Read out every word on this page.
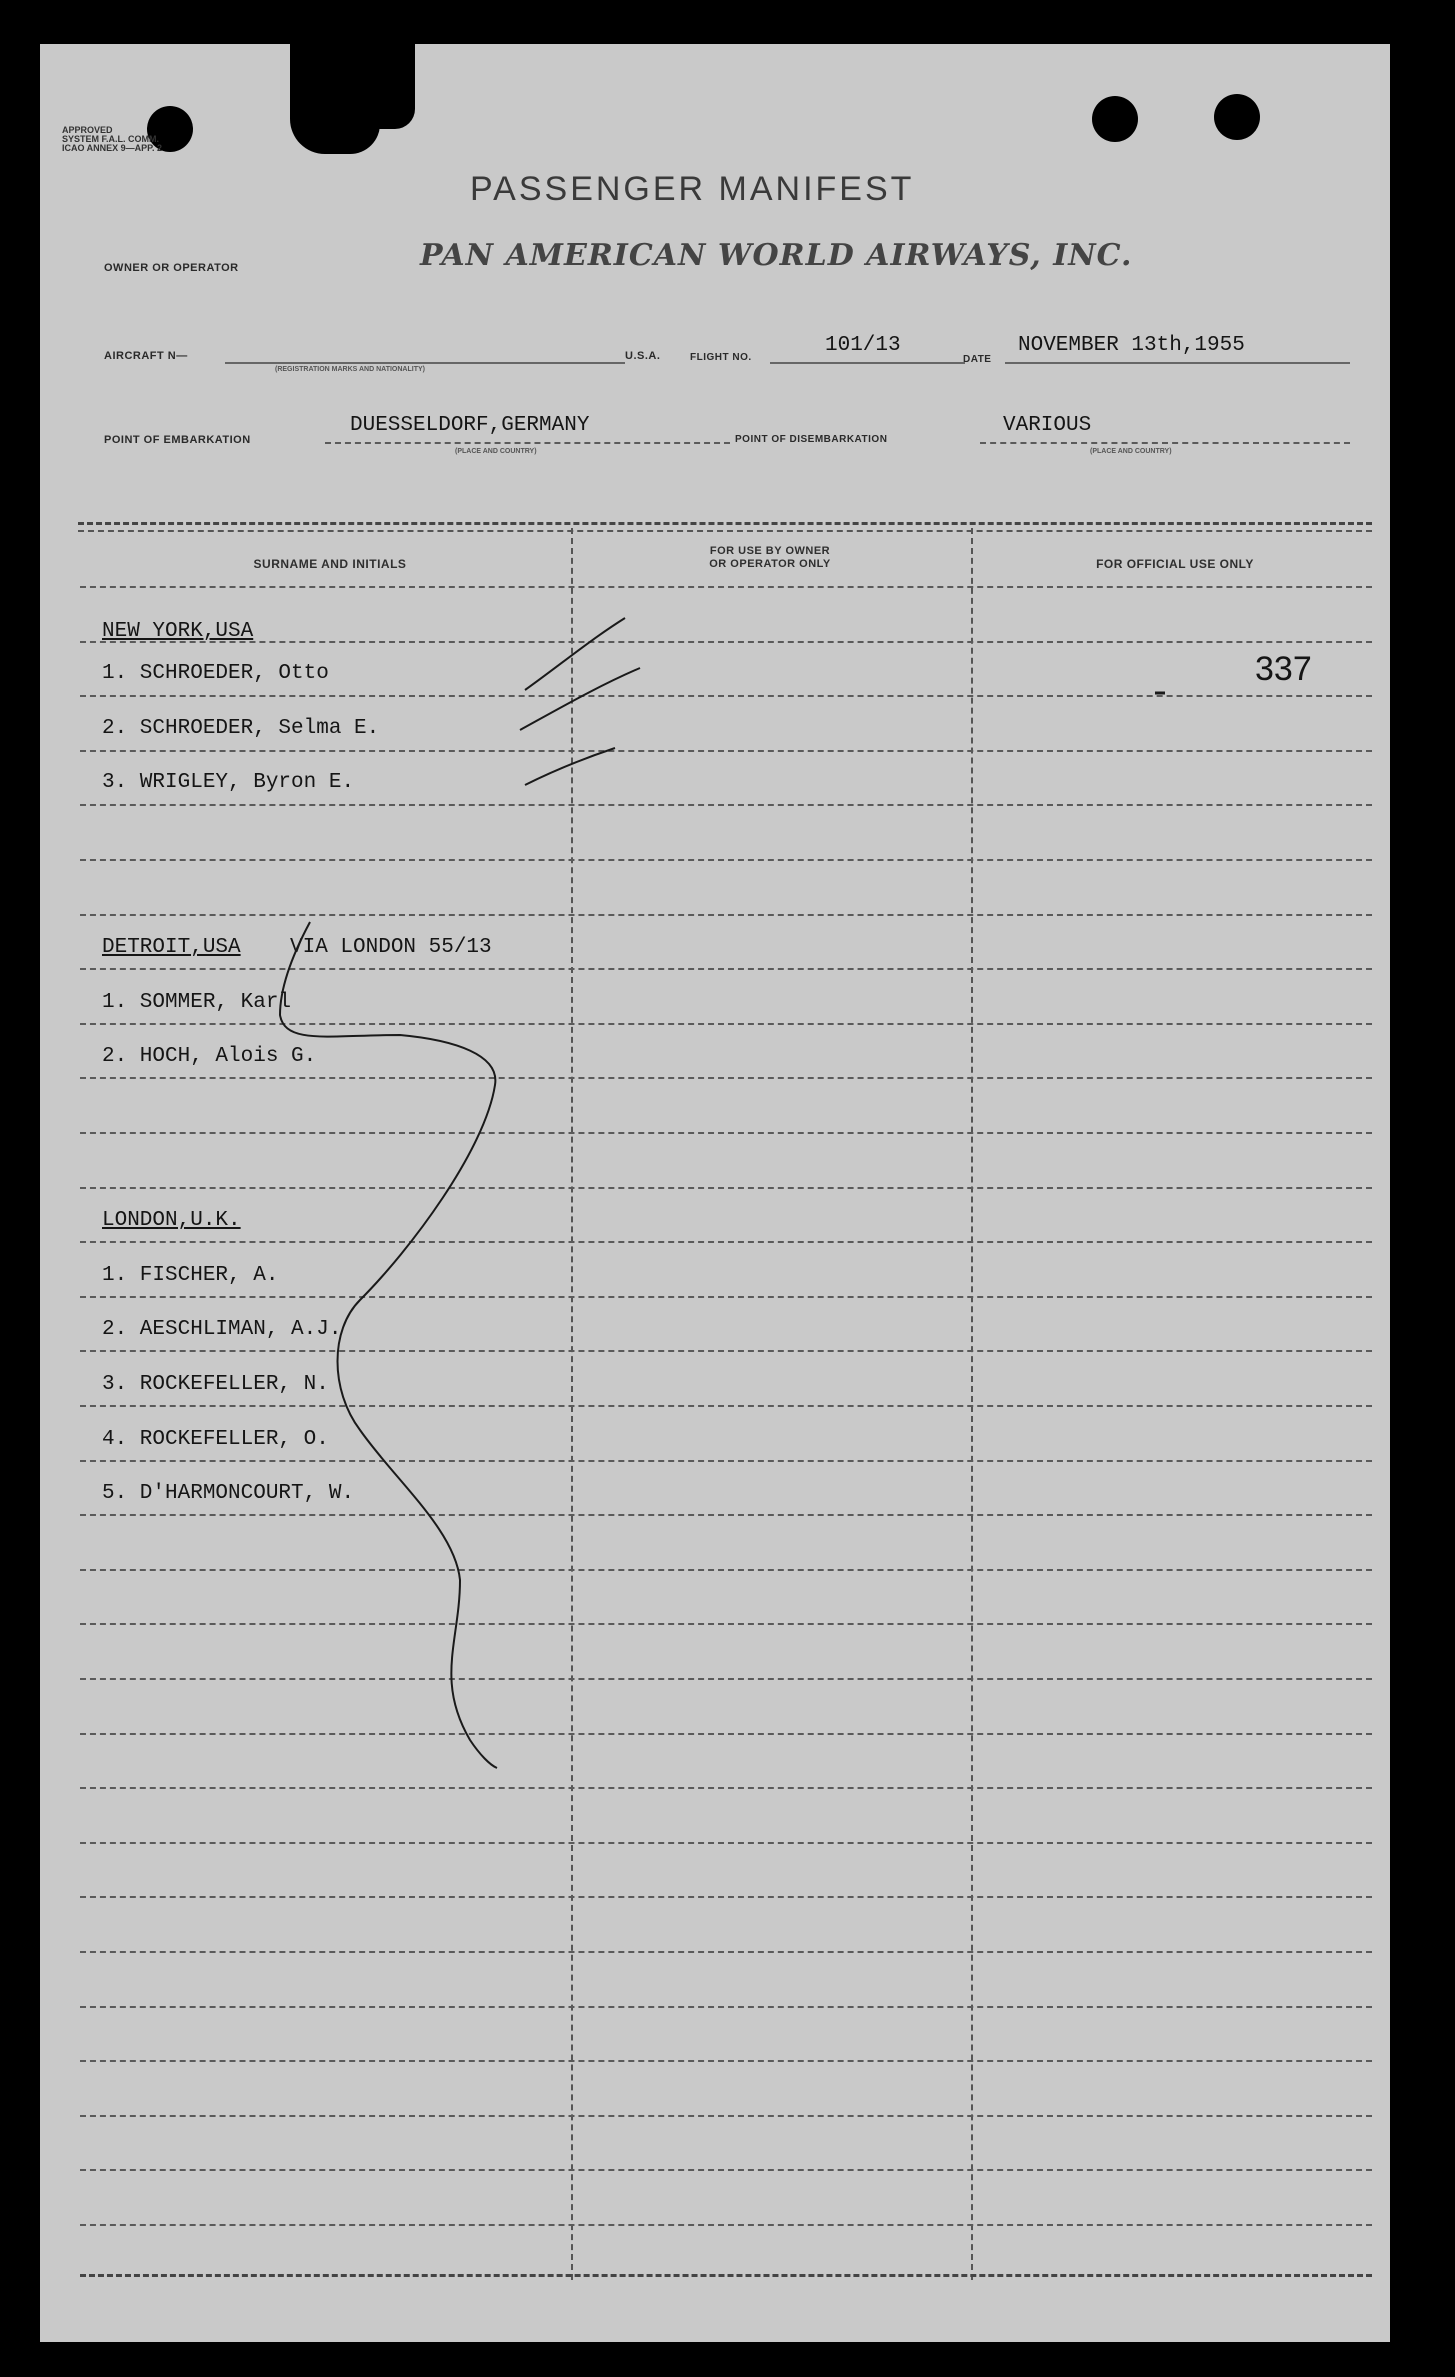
APPROVED
SYSTEM F.A.L. COMM.
ICAO ANNEX 9—APP. 2
PASSENGER MANIFEST
OWNER OR OPERATOR	PAN AMERICAN WORLD AIRWAYS, INC.
AIRCRAFT N—
(REGISTRATION MARKS AND NATIONALITY)
U.S.A.	FLIGHT NO.
101/13
DATE
NOVEMBER 13th,1955
POINT OF EMBARKATION
DUESSELDORF,GERMANY
(PLACE AND COUNTRY)
POINT OF DISEMBARKATION
VARIOUS
(PLACE AND COUNTRY)
SURNAME AND INITIALS
FOR USE BY OWNER
OR OPERATOR ONLY	FOR OFFICIAL USE ONLY
NEW YORK,USA
1. SCHROEDER, Otto
2. SCHROEDER, Selma E.
3. WRIGLEY, Byron E.
DETROIT,USA VIA LONDON 55/13
1. SOMMER, Karl
2. HOCH, Alois G.
LONDON,U.K.
1. FISCHER, A.
2. AESCHLIMAN, A.J.
3. ROCKEFELLER, N.
4. ROCKEFELLER, O.
5. D'HARMONCOURT, W.
337
